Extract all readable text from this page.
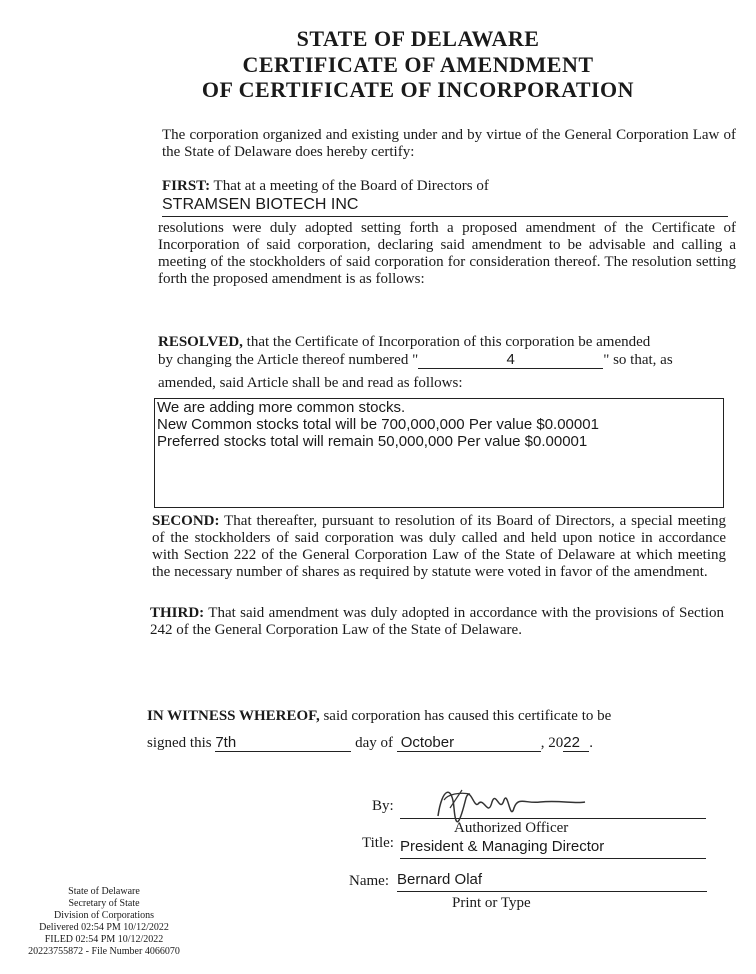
STATE OF DELAWARE
CERTIFICATE OF AMENDMENT
OF CERTIFICATE OF INCORPORATION
The corporation organized and existing under and by virtue of the General Corporation Law of the State of Delaware does hereby certify:
FIRST: That at a meeting of the Board of Directors of
STRAMSEN BIOTECH INC
resolutions were duly adopted setting forth a proposed amendment of the Certificate of Incorporation of said corporation, declaring said amendment to be advisable and calling a meeting of the stockholders of said corporation for consideration thereof. The resolution setting forth the proposed amendment is as follows:
RESOLVED, that the Certificate of Incorporation of this corporation be amended
by changing the Article thereof numbered "	4	" so that, as
amended, said Article shall be and read as follows:
We are adding more common stocks.
New Common stocks total will be 700,000,000 Per value $0.00001
Preferred stocks total will remain 50,000,000 Per value $0.00001
SECOND: That thereafter, pursuant to resolution of its Board of Directors, a special meeting of the stockholders of said corporation was duly called and held upon notice in accordance with Section 222 of the General Corporation Law of the State of Delaware at which meeting the necessary number of shares as required by statute were voted in favor of the amendment.
THIRD: That said amendment was duly adopted in accordance with the provisions of Section 242 of the General Corporation Law of the State of Delaware.
IN WITNESS WHEREOF, said corporation has caused this certificate to be
signed this 7th	day of October	, 2022 .
By:
Authorized Officer
Title: President & Managing Director
Name: Bernard Olaf
Print or Type
State of Delaware
Secretary of State
Division of Corporations
Delivered 02:54 PM 10/12/2022
FILED 02:54 PM 10/12/2022
20223755872 - File Number 4066070
